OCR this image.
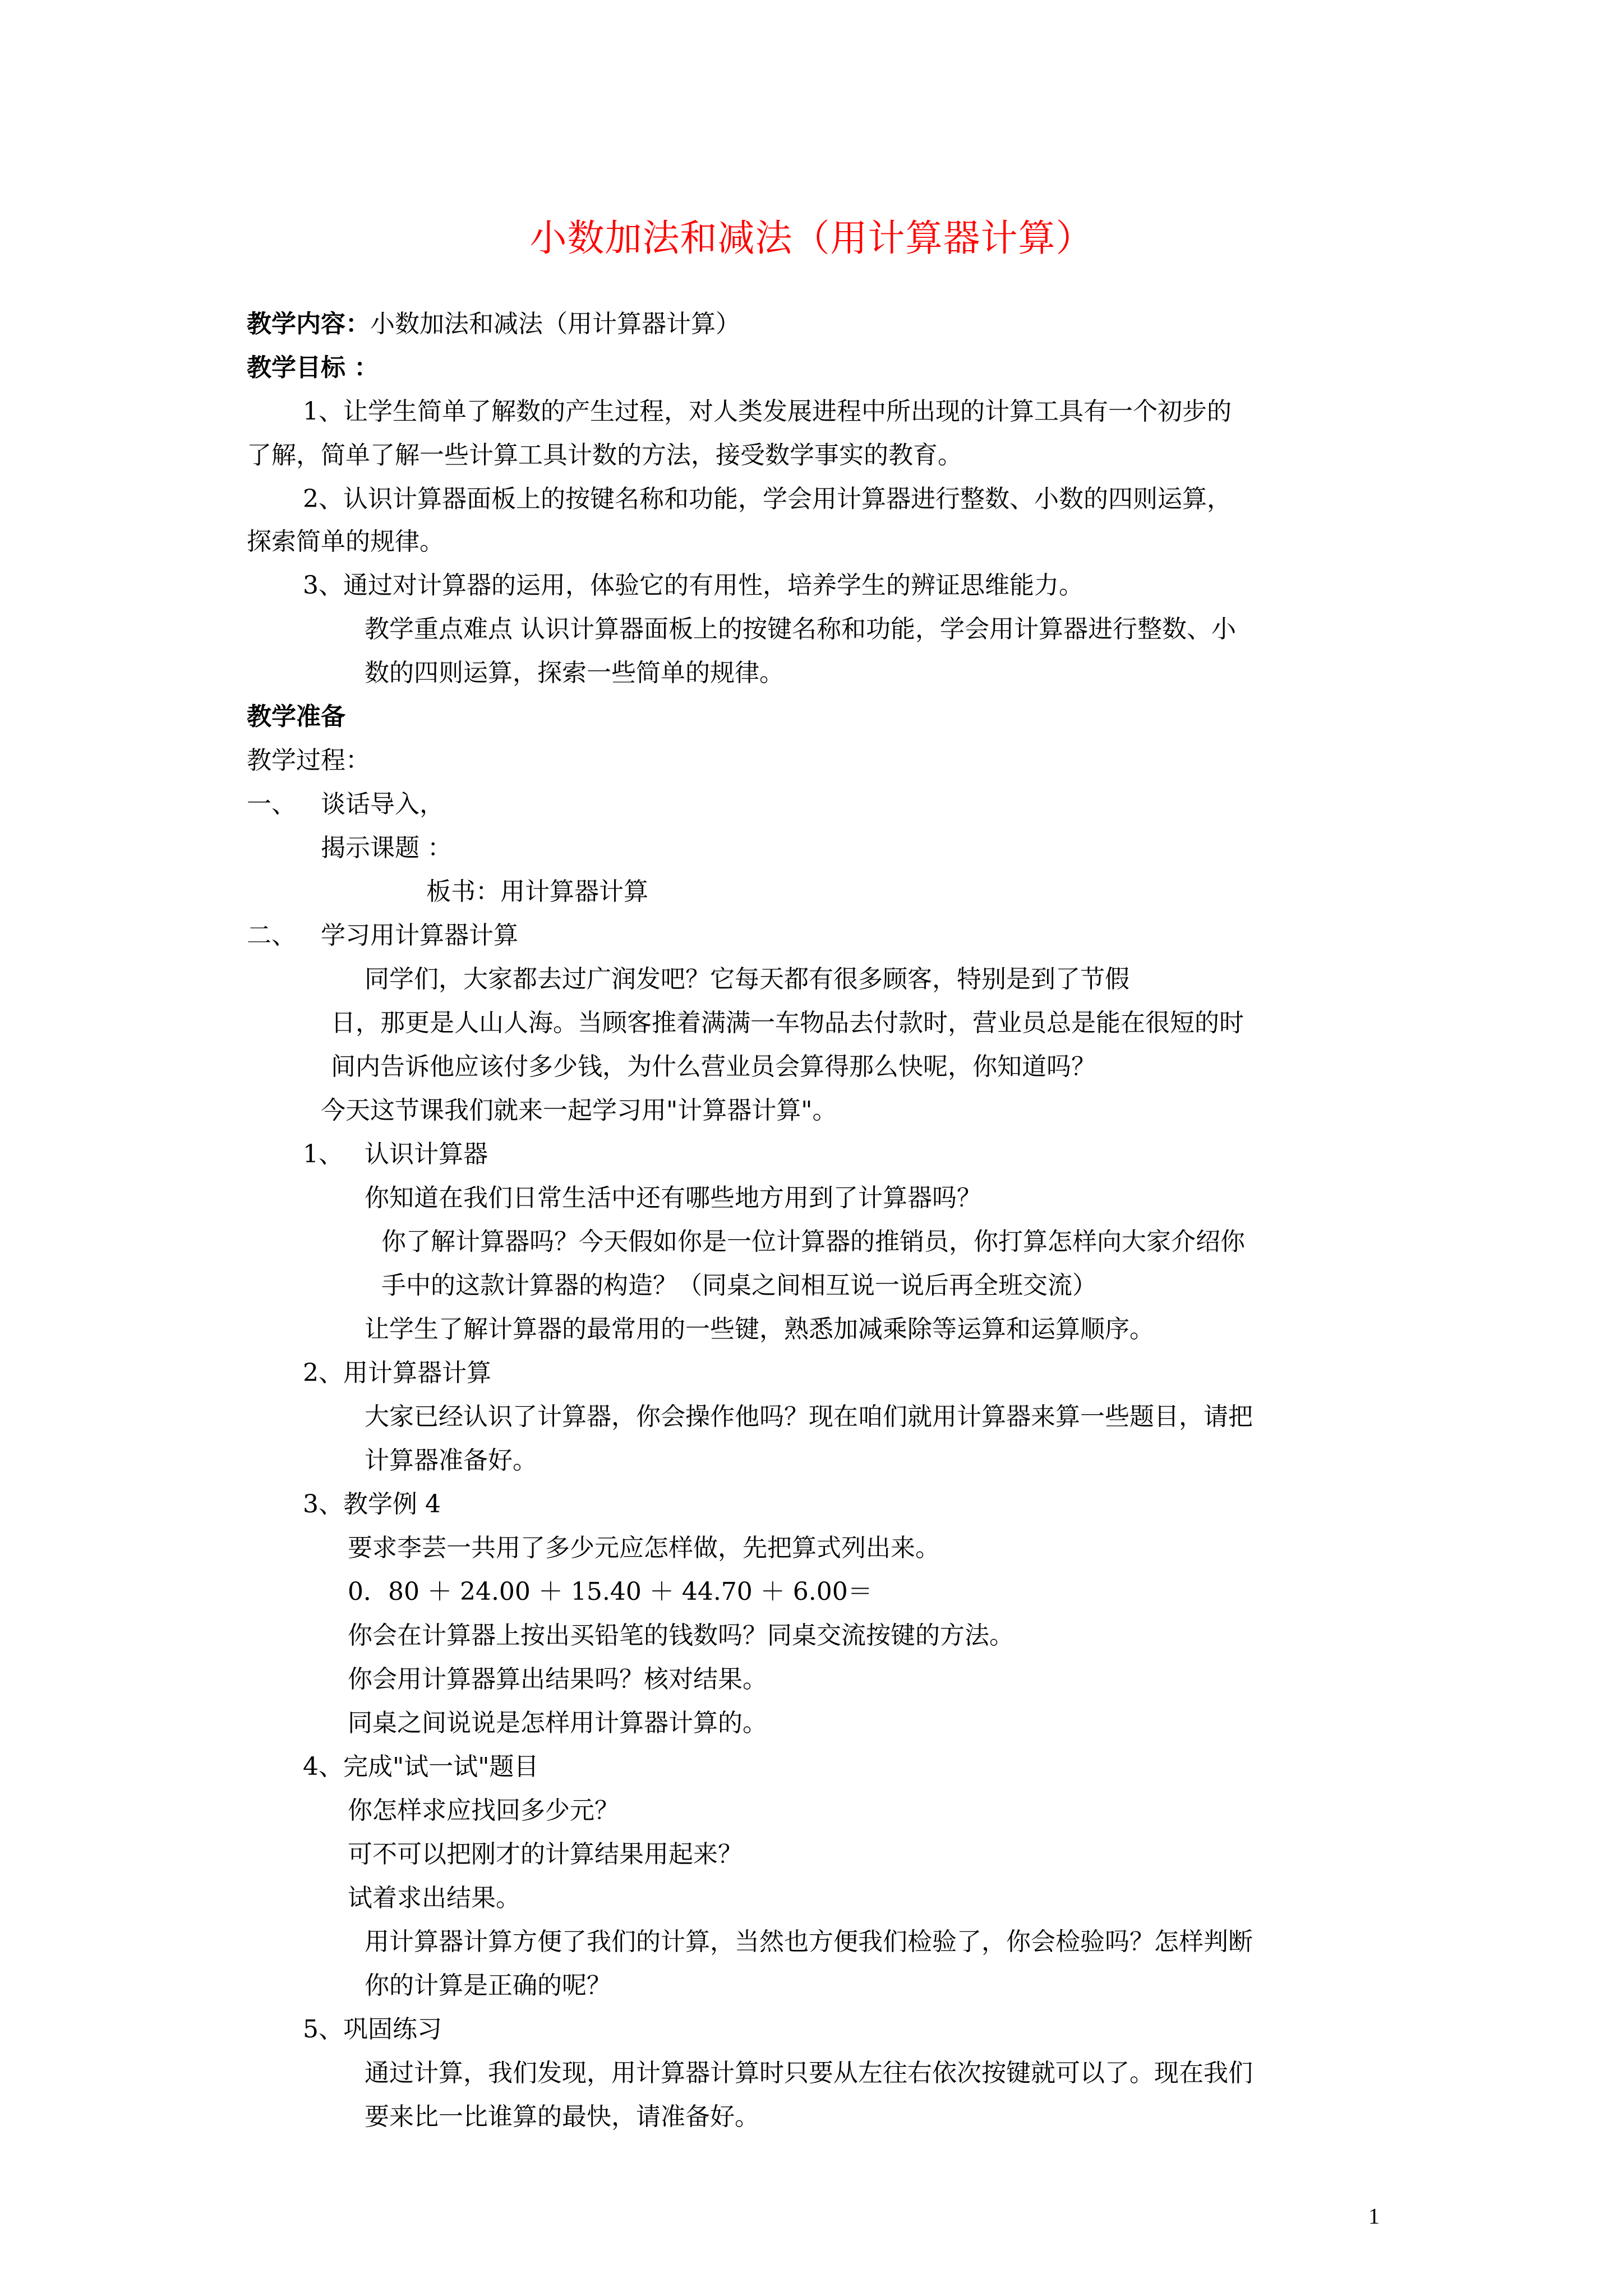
小数加法和减法（用计算器计算）
教学内容：小数加法和减法（用计算器计算）
教学目标 ：
1、让学生简单了解数的产生过程，对人类发展进程中所出现的计算工具有一个初步的
了解，简单了解一些计算工具计数的方法，接受数学事实的教育。
2、认识计算器面板上的按键名称和功能，学会用计算器进行整数、小数的四则运算，
探索简单的规律。
3、通过对计算器的运用，体验它的有用性，培养学生的辨证思维能力。
教学重点难点 认识计算器面板上的按键名称和功能，学会用计算器进行整数、小
数的四则运算，探索一些简单的规律。
教学准备
教学过程：
一、 谈话导入，
揭示课题 ：
板书：用计算器计算
二、 学习用计算器计算
同学们，大家都去过广润发吧？它每天都有很多顾客，特别是到了节假
日，那更是人山人海。当顾客推着满满一车物品去付款时，营业员总是能在很短的时
间内告诉他应该付多少钱，为什么营业员会算得那么快呢，你知道吗？
今天这节课我们就来一起学习用"计算器计算"。
1、 认识计算器
你知道在我们日常生活中还有哪些地方用到了计算器吗？
你了解计算器吗？今天假如你是一位计算器的推销员，你打算怎样向大家介绍你
手中的这款计算器的构造？（同桌之间相互说一说后再全班交流）
让学生了解计算器的最常用的一些键，熟悉加减乘除等运算和运算顺序。
2、用计算器计算
大家已经认识了计算器，你会操作他吗？现在咱们就用计算器来算一些题目，请把
计算器准备好。
3、教学例 4
要求李芸一共用了多少元应怎样做，先把算式列出来。
0．80 ＋ 24.00 ＋ 15.40 ＋ 44.70 ＋ 6.00＝
你会在计算器上按出买铅笔的钱数吗？同桌交流按键的方法。
你会用计算器算出结果吗？核对结果。
同桌之间说说是怎样用计算器计算的。
4、完成"试一试"题目
你怎样求应找回多少元？
可不可以把刚才的计算结果用起来？
试着求出结果。
用计算器计算方便了我们的计算，当然也方便我们检验了，你会检验吗？怎样判断
你的计算是正确的呢？
5、巩固练习
通过计算，我们发现，用计算器计算时只要从左往右依次按键就可以了。现在我们
要来比一比谁算的最快，请准备好。
1
